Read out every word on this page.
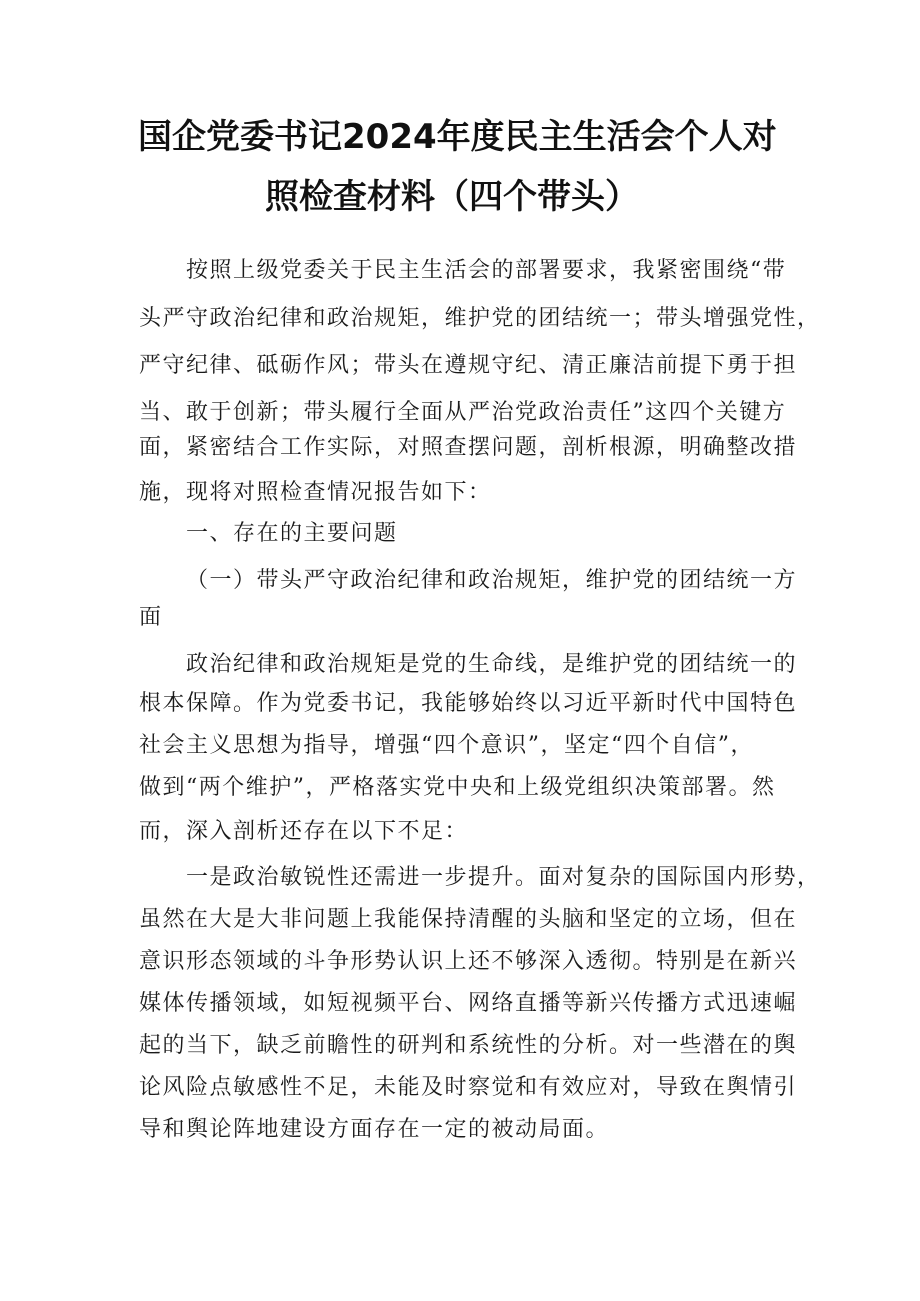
国企党委书记2024年度民主生活会个人对
照检查材料（四个带头）
按照上级党委关于民主生活会的部署要求，我紧密围绕“带
头严守政治纪律和政治规矩，维护党的团结统一；带头增强党性，
严守纪律、砥砺作风；带头在遵规守纪、清正廉洁前提下勇于担
当、敢于创新；带头履行全面从严治党政治责任”这四个关键方
面，紧密结合工作实际，对照查摆问题，剖析根源，明确整改措
施，现将对照检查情况报告如下：
一、存在的主要问题
（一）带头严守政治纪律和政治规矩，维护党的团结统一方
面
政治纪律和政治规矩是党的生命线，是维护党的团结统一的
根本保障。作为党委书记，我能够始终以习近平新时代中国特色
社会主义思想为指导，增强“四个意识”，坚定“四个自信”，
做到“两个维护”，严格落实党中央和上级党组织决策部署。然
而，深入剖析还存在以下不足：
一是政治敏锐性还需进一步提升。面对复杂的国际国内形势，
虽然在大是大非问题上我能保持清醒的头脑和坚定的立场，但在
意识形态领域的斗争形势认识上还不够深入透彻。特别是在新兴
媒体传播领域，如短视频平台、网络直播等新兴传播方式迅速崛
起的当下，缺乏前瞻性的研判和系统性的分析。对一些潜在的舆
论风险点敏感性不足，未能及时察觉和有效应对，导致在舆情引
导和舆论阵地建设方面存在一定的被动局面。
